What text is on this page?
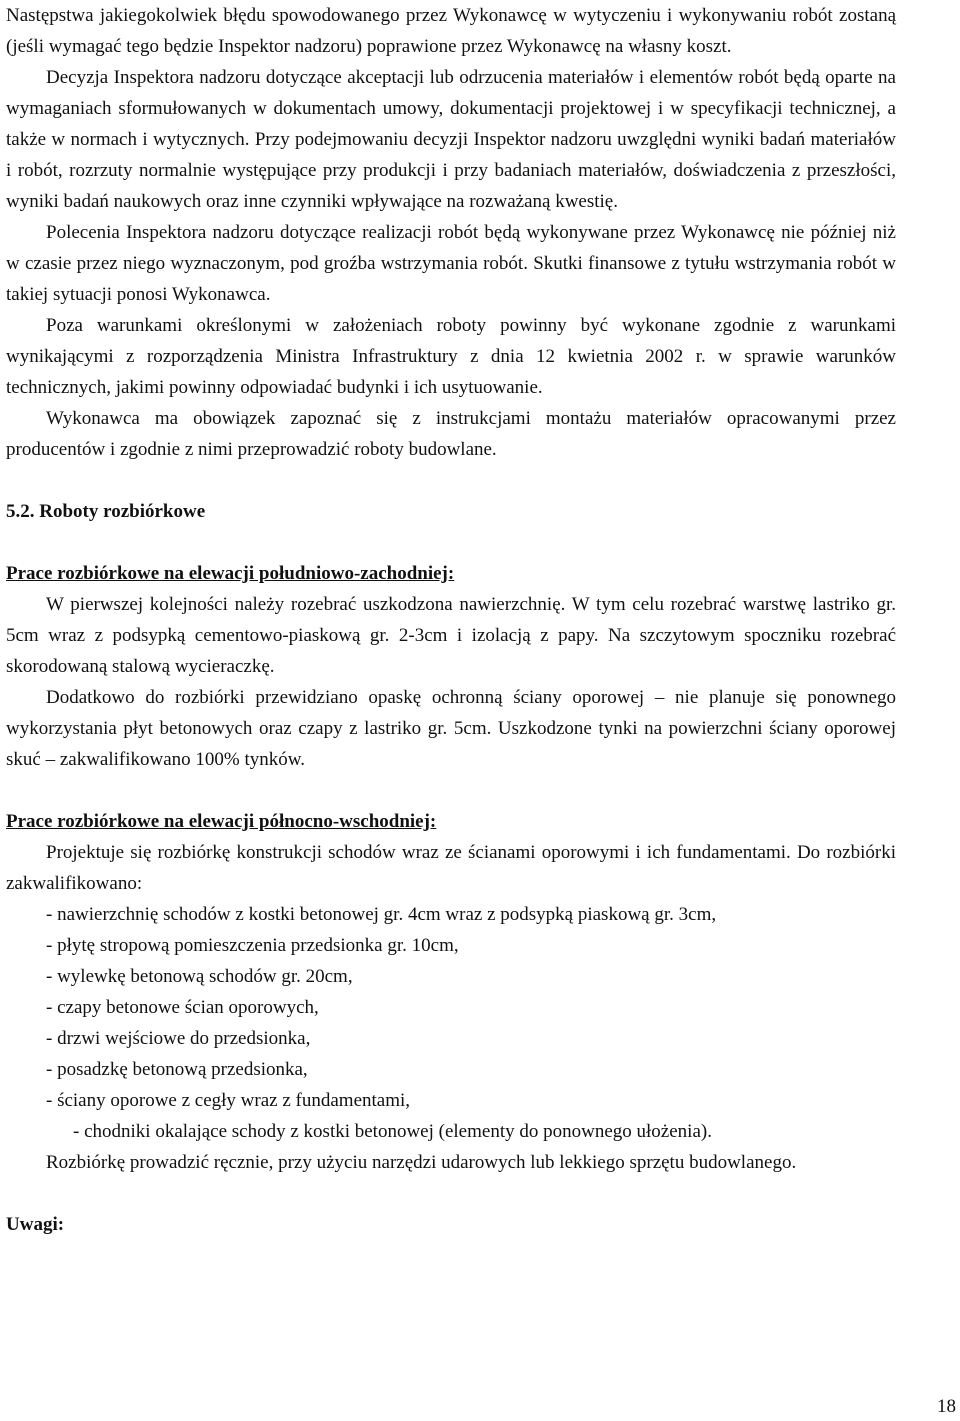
Następstwa jakiegokolwiek błędu spowodowanego przez Wykonawcę w wytyczeniu i wykonywaniu robót zostaną (jeśli wymagać tego będzie Inspektor nadzoru) poprawione przez Wykonawcę na własny koszt.

Decyzja Inspektora nadzoru dotyczące akceptacji lub odrzucenia materiałów i elementów robót będą oparte na wymaganiach sformułowanych w dokumentach umowy, dokumentacji projektowej i w specyfikacji technicznej, a także w normach i wytycznych. Przy podejmowaniu decyzji Inspektor nadzoru uwzględni wyniki badań materiałów i robót, rozrzuty normalnie występujące przy produkcji i przy badaniach materiałów, doświadczenia z przeszłości, wyniki badań naukowych oraz inne czynniki wpływające na rozważaną kwestię.

Polecenia Inspektora nadzoru dotyczące realizacji robót będą wykonywane przez Wykonawcę nie później niż w czasie przez niego wyznaczonym, pod groźba wstrzymania robót. Skutki finansowe z tytułu wstrzymania robót w takiej sytuacji ponosi Wykonawca.

Poza warunkami określonymi w założeniach roboty powinny być wykonane zgodnie z warunkami wynikającymi z rozporządzenia Ministra Infrastruktury z dnia 12 kwietnia 2002 r. w sprawie warunków technicznych, jakimi powinny odpowiadać budynki i ich usytuowanie.

Wykonawca ma obowiązek zapoznać się z instrukcjami montażu materiałów opracowanymi przez producentów i zgodnie z nimi przeprowadzić roboty budowlane.

5.2. Roboty rozbiórkowe
Prace rozbiórkowe na elewacji południowo-zachodniej:

W pierwszej kolejności należy rozebrać uszkodzona nawierzchnię. W tym celu rozebrać warstwę lastriko gr. 5cm wraz z podsypką cementowo-piaskową gr. 2-3cm i izolacją z papy. Na szczytowym spoczniku rozebrać skorodowaną stalową wycieraczkę.

Dodatkowo do rozbiórki przewidziano opaskę ochronną ściany oporowej – nie planuje się ponownego wykorzystania płyt betonowych oraz czapy z lastriko gr. 5cm. Uszkodzone tynki na powierzchni ściany oporowej skuć – zakwalifikowano 100% tynków.

Prace rozbiórkowe na elewacji północno-wschodniej:

Projektuje się rozbiórkę konstrukcji schodów wraz ze ścianami oporowymi i ich fundamentami. Do rozbiórki zakwalifikowano:

- nawierzchnię schodów z kostki betonowej gr. 4cm wraz z podsypką piaskową gr. 3cm,
- płytę stropową pomieszczenia przedsionka gr. 10cm,
- wylewkę betonową schodów gr. 20cm,
- czapy betonowe ścian oporowych,
- drzwi wejściowe do przedsionka,
- posadzkę betonową przedsionka,
- ściany oporowe z cegły wraz z fundamentami,
- chodniki okalające schody z kostki betonowej (elementy do ponownego ułożenia).

Rozbiórkę prowadzić ręcznie, przy użyciu narzędzi udarowych lub lekkiego sprzętu budowlanego.

Uwagi:
18
